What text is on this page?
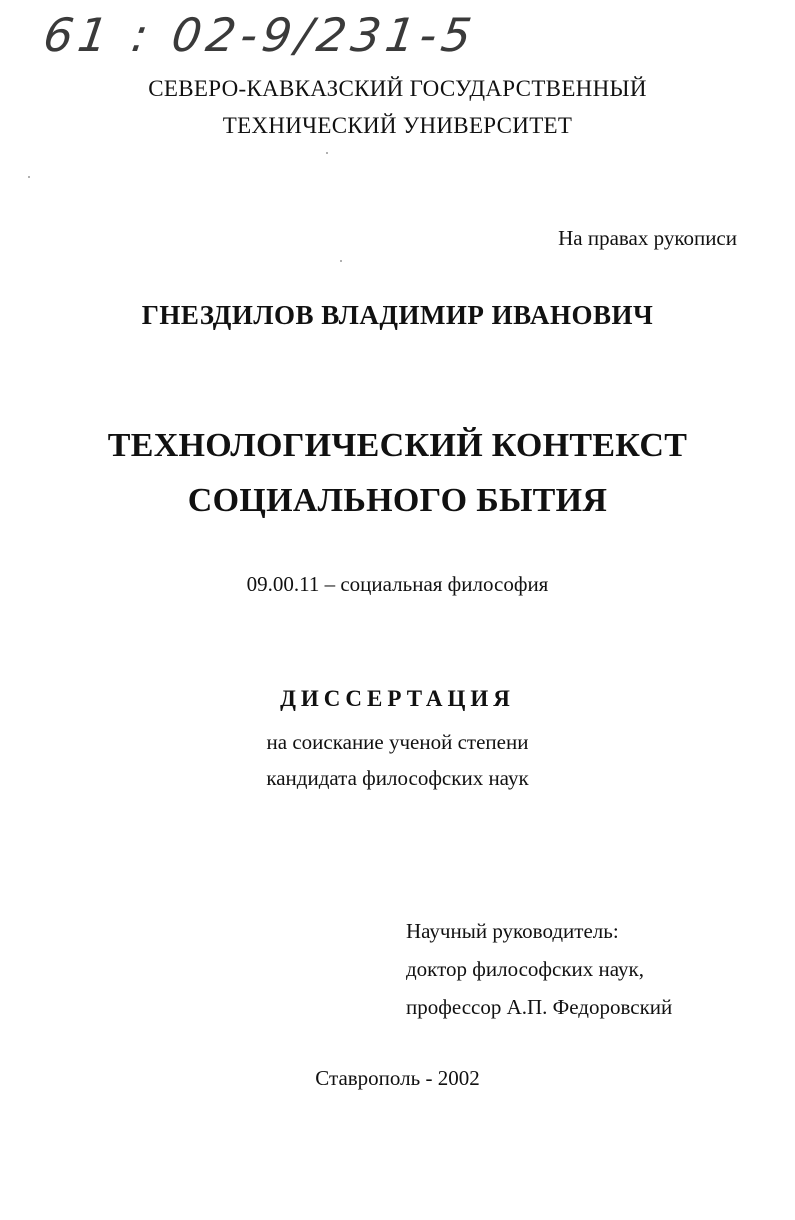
61 : 02-9/231-5
СЕВЕРО-КАВКАЗСКИЙ ГОСУДАРСТВЕННЫЙ
ТЕХНИЧЕСКИЙ УНИВЕРСИТЕТ
На правах рукописи
ГНЕЗДИЛОВ ВЛАДИМИР ИВАНОВИЧ
ТЕХНОЛОГИЧЕСКИЙ КОНТЕКСТ
СОЦИАЛЬНОГО БЫТИЯ
09.00.11 – социальная философия
ДИССЕРТАЦИЯ
на соискание ученой степени
кандидата философских наук
Научный руководитель:
доктор философских наук,
профессор А.П. Федоровский
Ставрополь - 2002
